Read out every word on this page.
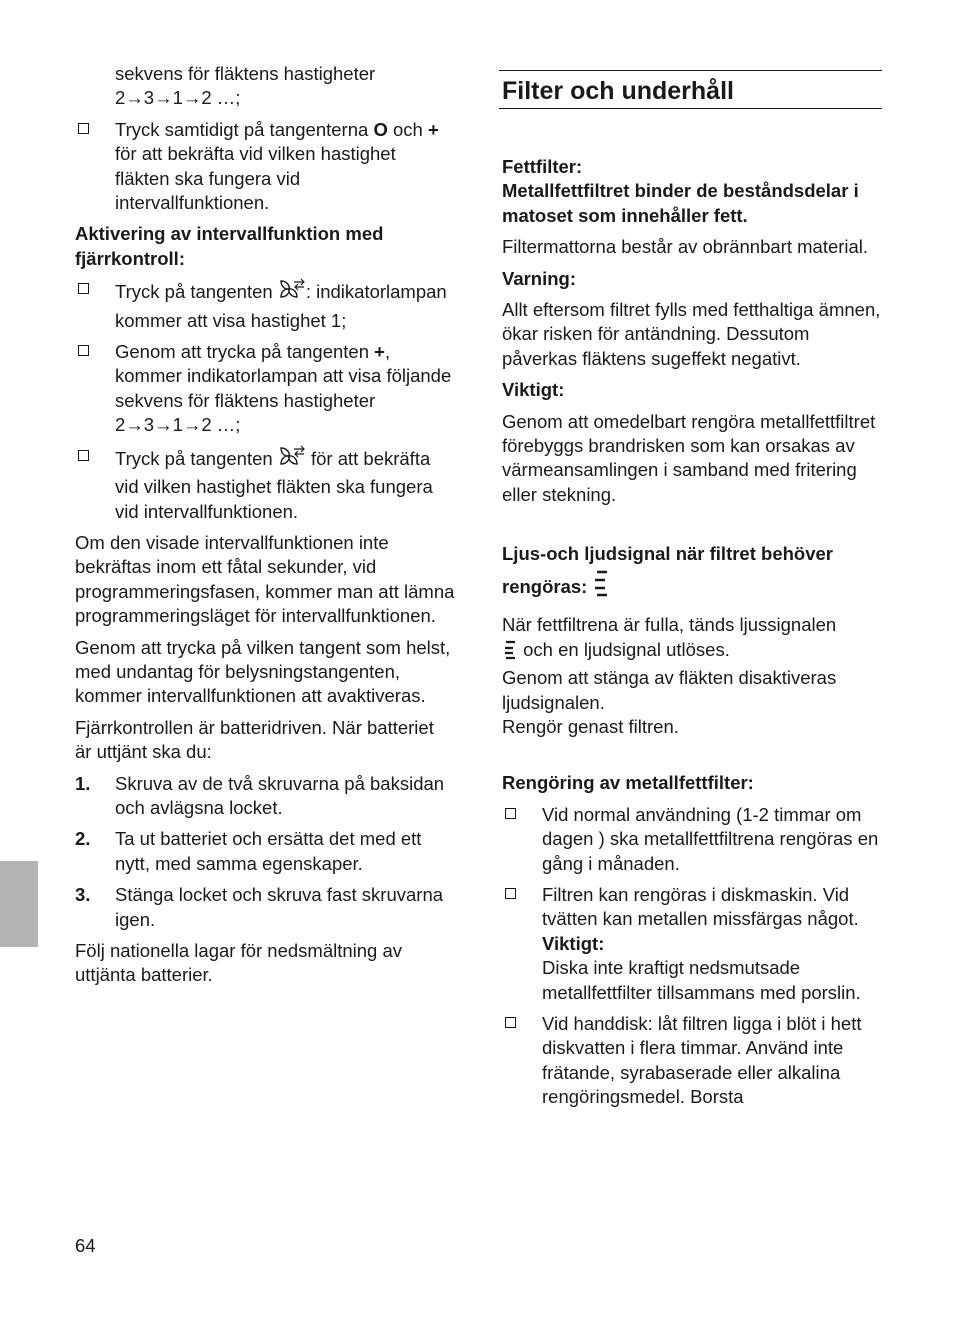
sekvens för fläktens hastigheter
2→3→1→2 …;

Tryck samtidigt på tangenterna O och + för att bekräfta vid vilken hastighet fläkten ska fungera vid intervallfunktionen.

Aktivering av intervallfunktion med fjärrkontroll:

Tryck på tangenten : indikatorlampan kommer att visa hastighet 1;
Genom att trycka på tangenten +, kommer indikatorlampan att visa följande sekvens för fläktens hastigheter 2→3→1→2 …;
Tryck på tangenten  för att bekräfta vid vilken hastighet fläkten ska fungera vid intervallfunktionen.

Om den visade intervallfunktionen inte bekräftas inom ett fåtal sekunder, vid programmeringsfasen, kommer man att lämna programmeringsläget för intervallfunktionen.

Genom att trycka på vilken tangent som helst, med undantag för belysningstangenten, kommer intervallfunktionen att avaktiveras.

Fjärrkontrollen är batteridriven. När batteriet är uttjänt ska du:

1. Skruva av de två skruvarna på baksidan och avlägsna locket.
2. Ta ut batteriet och ersätta det med ett nytt, med samma egenskaper.
3. Stänga locket och skruva fast skruvarna igen.

Följ nationella lagar för nedsmältning av uttjänta batterier.

Filter och underhåll

Fettfilter:
Metallfettfiltret binder de beståndsdelar i matoset som innehåller fett.

Filtermattorna består av obrännbart material.

Varning:

Allt eftersom filtret fylls med fetthaltiga ämnen, ökar risken för antändning. Dessutom påverkas fläktens sugeffekt negativt.

Viktigt:

Genom att omedelbart rengöra metallfettfiltret förebyggs brandrisken som kan orsakas av värmeansamlingen i samband med fritering eller stekning.

Ljus-och ljudsignal när filtret behöver rengöras:

När fettfiltrena är fulla, tänds ljussignalen
och en ljudsignal utlöses.
Genom att stänga av fläkten disaktiveras ljudsignalen.
Rengör genast filtren.

Rengöring av metallfettfilter:

Vid normal användning (1-2 timmar om dagen ) ska metallfettfiltrena rengöras en gång i månaden.
Filtren kan rengöras i diskmaskin. Vid tvätten kan metallen missfärgas något.
Viktigt:
Diska inte kraftigt nedsmutsade metallfettfilter tillsammans med porslin.
Vid handdisk: låt filtren ligga i blöt i hett diskvatten i flera timmar. Använd inte frätande, syrabaserade eller alkalina rengöringsmedel. Borsta
64
